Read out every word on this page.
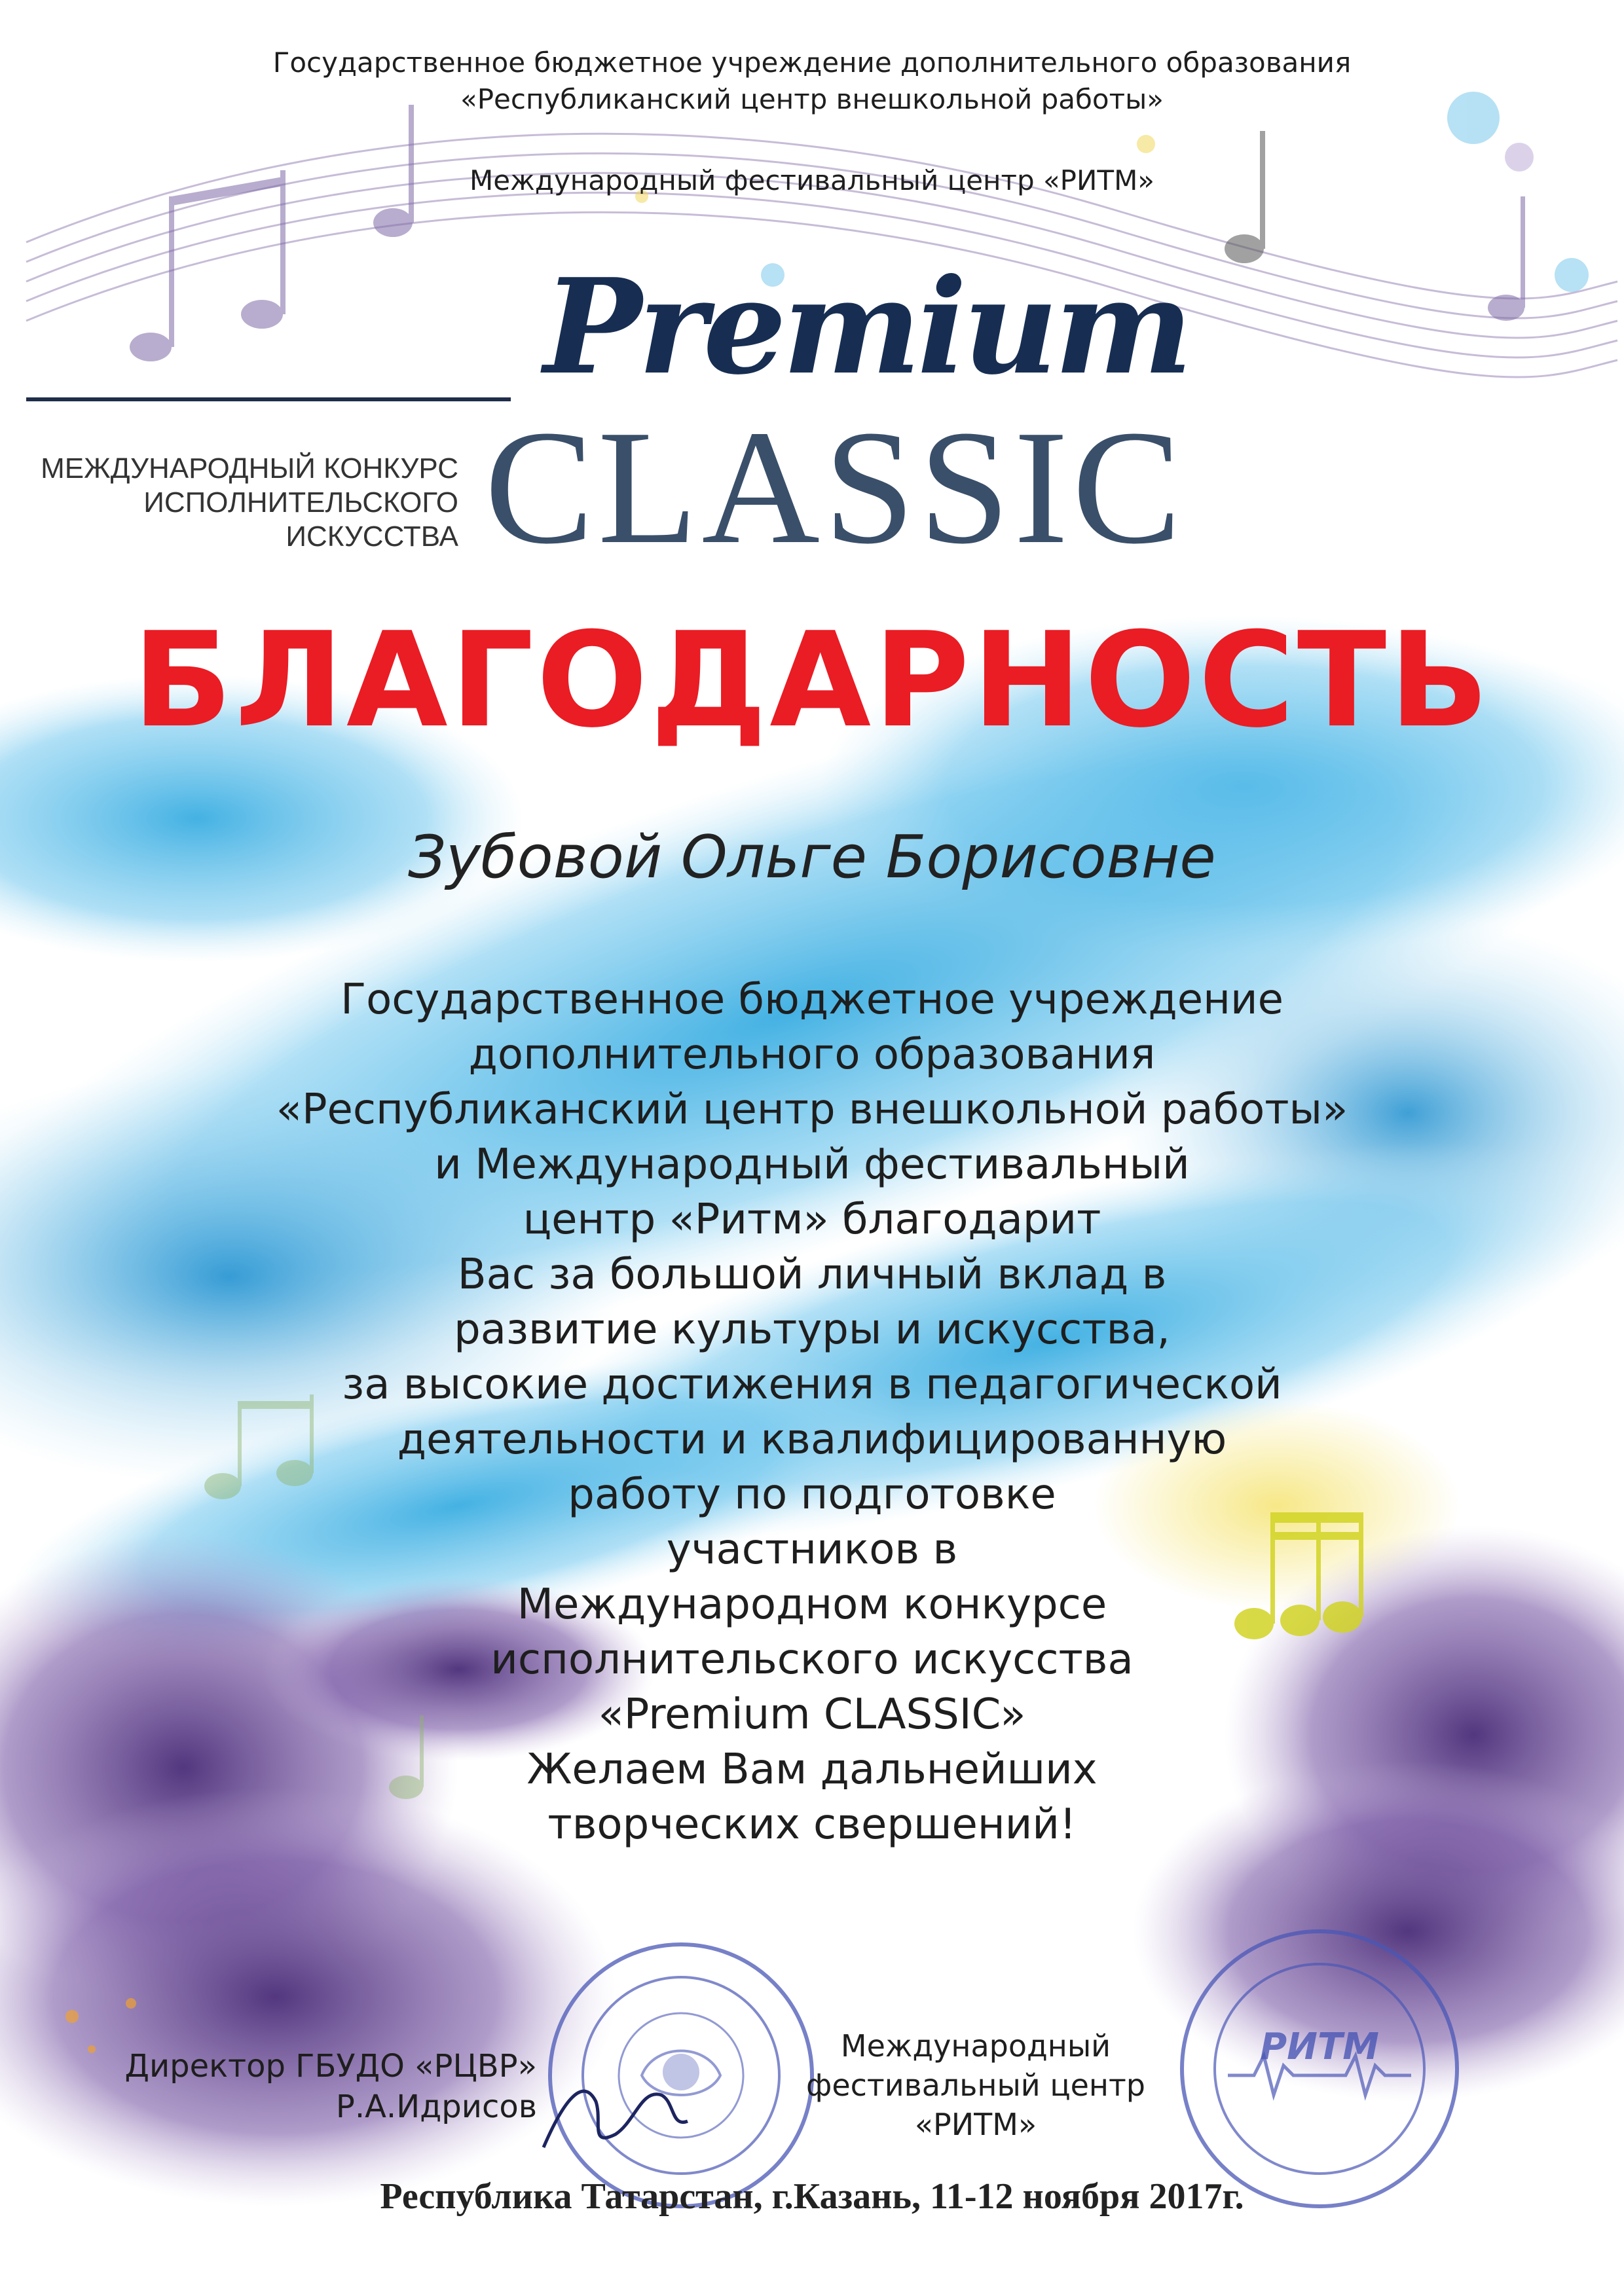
Государственное бюджетное учреждение дополнительного образования
«Республиканский центр внешкольной работы»
Международный фестивальный центр «РИТМ»
Premium
CLASSIC
МЕЖДУНАРОДНЫЙ КОНКУРС
ИСПОЛНИТЕЛЬСКОГО
ИСКУССТВА
БЛАГОДАРНОСТЬ
Зубовой Ольге Борисовне
Государственное бюджетное учреждение
дополнительного образования
«Республиканский центр внешкольной работы»
и Международный фестивальный
центр «Ритм» благодарит
Вас за большой личный вклад в
развитие культуры и искусства,
за высокие достижения в педагогической
деятельности и квалифицированную
работу по подготовке
участников в
Международном конкурсе
исполнительского искусства
«Premium CLASSIC»
Желаем Вам дальнейших
творческих свершений!
РИТМ
Директор ГБУДО «РЦВР»
Р.А.Идрисов
Международный
фестивальный центр
«РИТМ»
Республика Татарстан, г.Казань, 11-12 ноября 2017г.
